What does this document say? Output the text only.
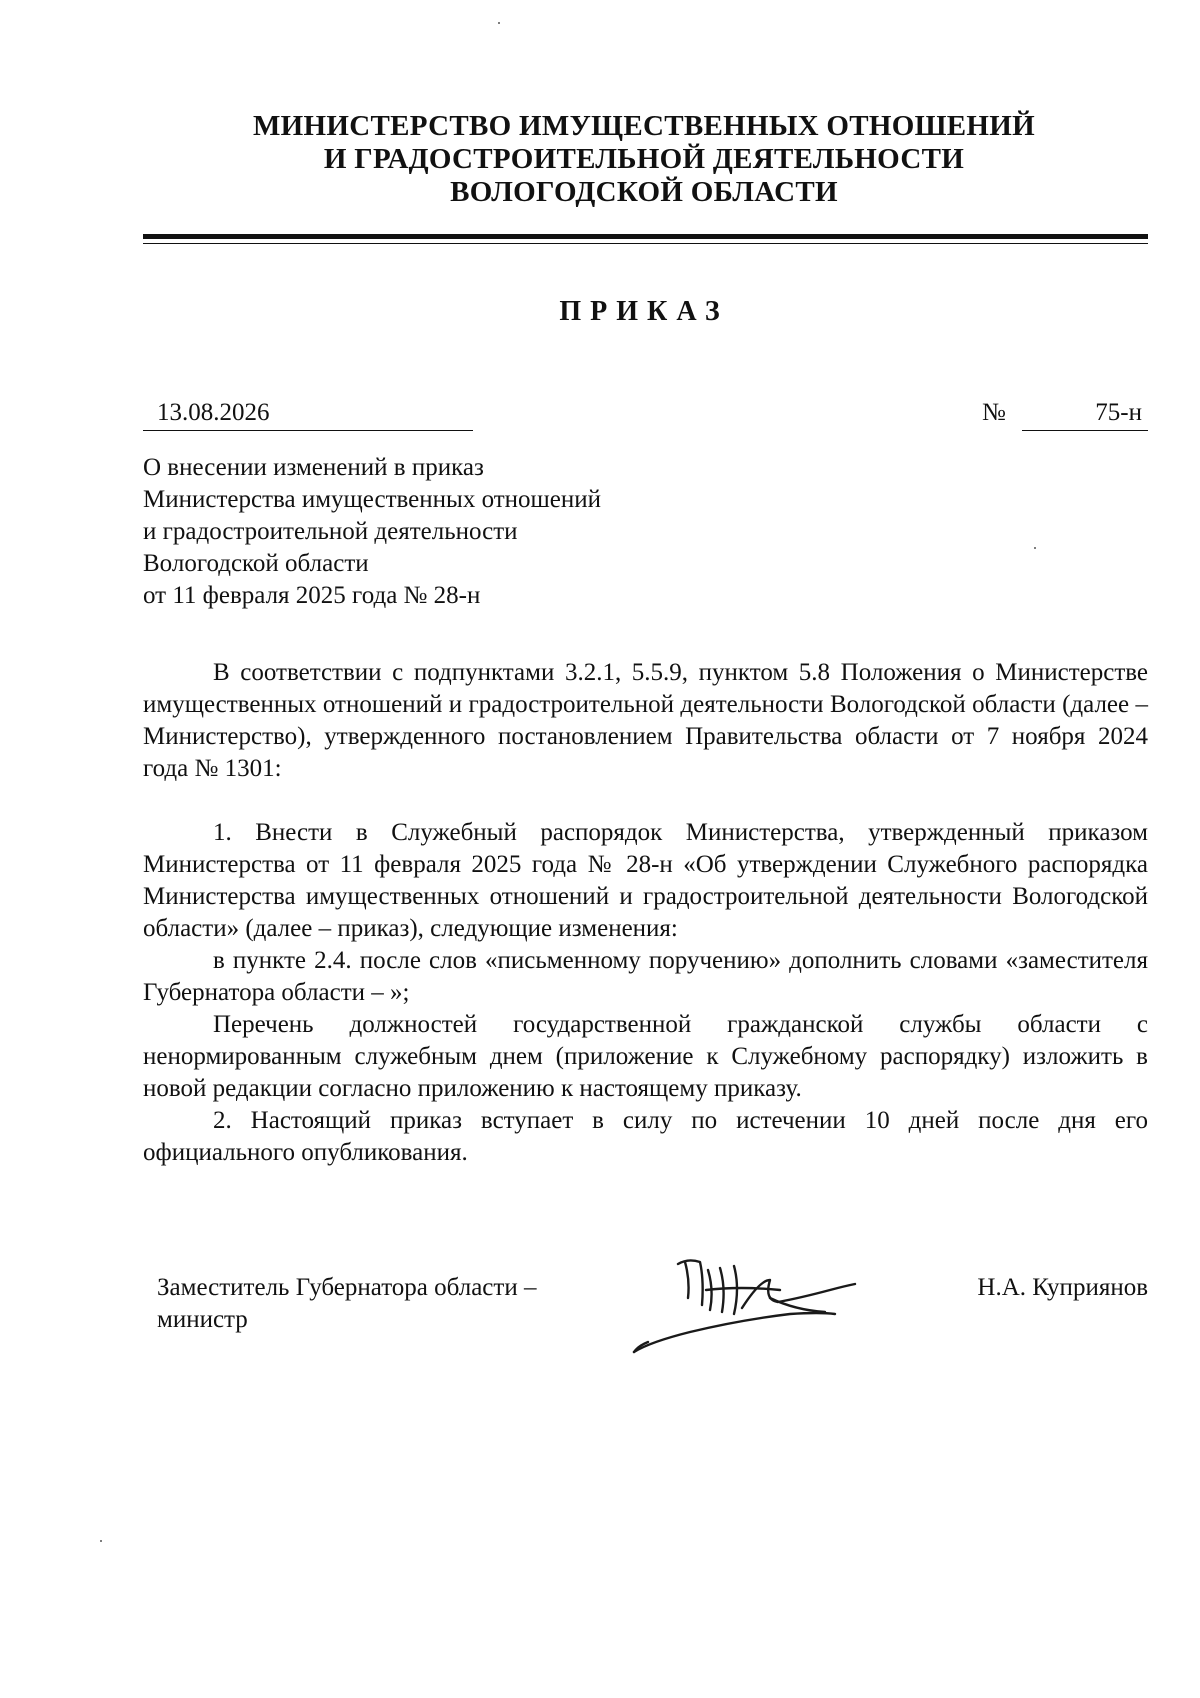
МИНИСТЕРСТВО ИМУЩЕСТВЕННЫХ ОТНОШЕНИЙ
И ГРАДОСТРОИТЕЛЬНОЙ ДЕЯТЕЛЬНОСТИ
ВОЛОГОДСКОЙ ОБЛАСТИ
ПРИКАЗ
13.08.2026	№	75-н
О внесении изменений в приказ
Министерства имущественных отношений
и градостроительной деятельности
Вологодской области
от 11 февраля 2025 года № 28-н

В соответствии с подпунктами 3.2.1, 5.5.9, пунктом 5.8 Положения о Министерстве имущественных отношений и градостроительной деятельности Вологодской области (далее – Министерство), утвержденного постановлением Правительства области от 7 ноября 2024 года № 1301:

1. Внести в Служебный распорядок Министерства, утвержденный приказом Министерства от 11 февраля 2025 года № 28-н «Об утверждении Служебного распорядка Министерства имущественных отношений и градостроительной деятельности Вологодской области» (далее – приказ), следующие изменения:

в пункте 2.4. после слов «письменному поручению» дополнить словами «заместителя Губернатора области – »;

Перечень должностей государственной гражданской службы области с ненормированным служебным днем (приложение к Служебному распорядку) изложить в новой редакции согласно приложению к настоящему приказу.

2. Настоящий приказ вступает в силу по истечении 10 дней после дня его официального опубликования.

Заместитель Губернатора области –
министр
Н.А. Куприянов
